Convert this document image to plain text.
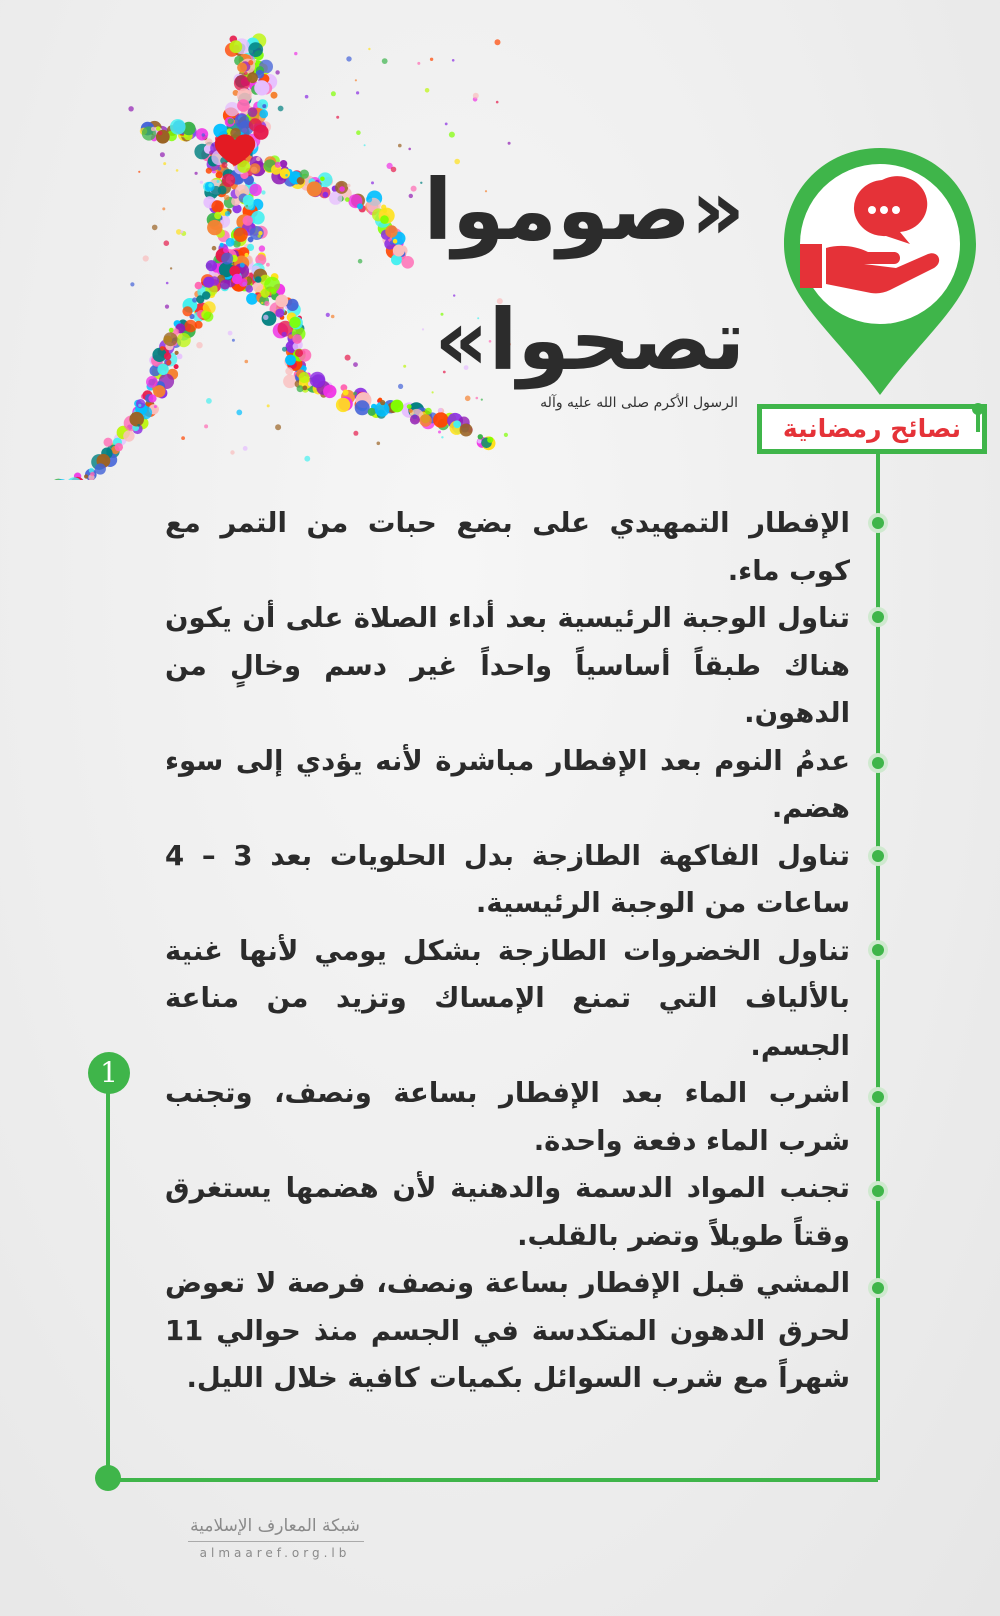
«صوموا
تصحوا»
الرسول الأكرم صلى الله عليه وآله
نصائح رمضانية
الإفطار التمهيدي على بضع حبات من التمر مع كوب ماء.
تناول الوجبة الرئيسية بعد أداء الصلاة على أن يكون هناك طبقاً أساسياً واحداً غير دسم وخالٍ من الدهون.
عدمُ النوم بعد الإفطار مباشرة لأنه يؤدي إلى سوء هضم.
تناول الفاكهة الطازجة بدل الحلويات بعد 3 – 4 ساعات من الوجبة الرئيسية.
تناول الخضروات الطازجة بشكل يومي لأنها غنية بالألياف التي تمنع الإمساك وتزيد من مناعة الجسم.
اشرب الماء بعد الإفطار بساعة ونصف، وتجنب شرب الماء دفعة واحدة.
تجنب المواد الدسمة والدهنية لأن هضمها يستغرق وقتاً طويلاً وتضر بالقلب.
المشي قبل الإفطار بساعة ونصف، فرصة لا تعوض لحرق الدهون المتكدسة في الجسم منذ حوالي 11 شهراً مع شرب السوائل بكميات كافية خلال الليل.
1
شبكة المعارف الإسلامية
almaaref.org.lb
